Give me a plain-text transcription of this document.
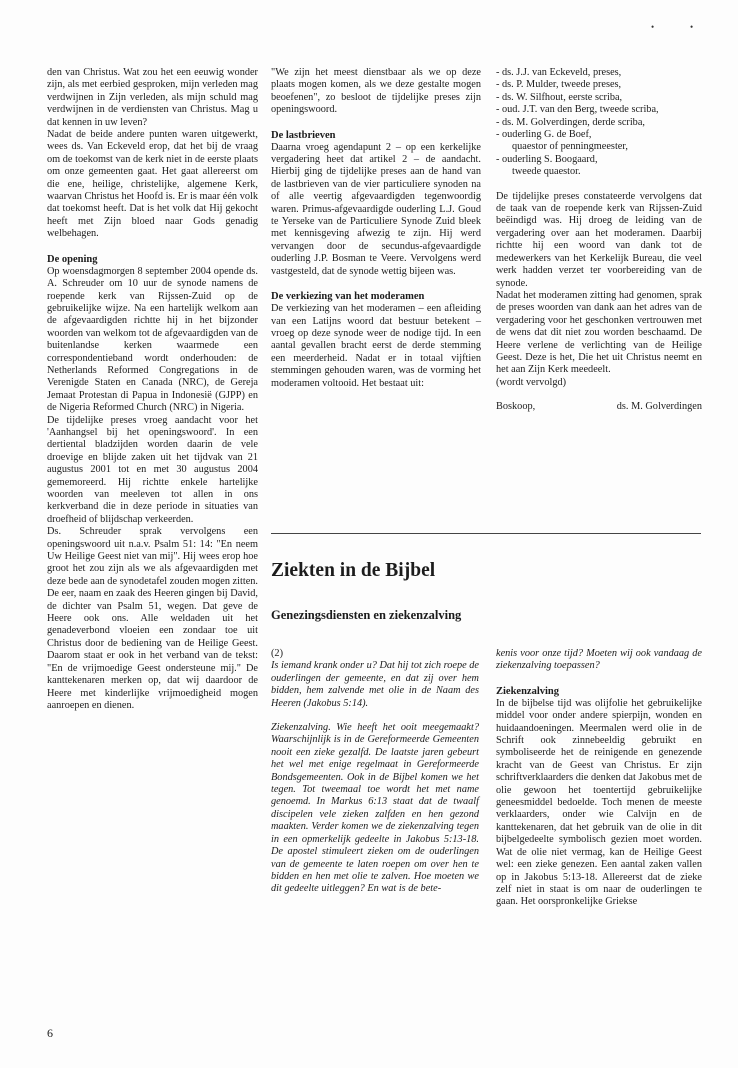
•	•

den van Christus. Wat zou het een eeuwig wonder zijn, als met eerbied gesproken, mijn verleden mag verdwijnen in Zijn verleden, als mijn schuld mag verdwijnen in de verdiensten van Christus. Mag u dat kennen in uw leven?

Nadat de beide andere punten waren uitgewerkt, wees ds. Van Eckeveld erop, dat het bij de vraag om de toekomst van de kerk niet in de eerste plaats om onze gemeenten gaat. Het gaat allereerst om die ene, heilige, christelijke, algemene Kerk, waarvan Christus het Hoofd is. Er is maar één volk dat toekomst heeft. Dat is het volk dat Hij gekocht heeft met Zijn bloed naar Gods genadig welbehagen.

De opening

Op woensdagmorgen 8 september 2004 opende ds. A. Schreuder om 10 uur de synode namens de roepende kerk van Rijssen-Zuid op de gebruikelijke wijze. Na een hartelijk welkom aan de afgevaardigden richtte hij in het bijzonder woorden van welkom tot de afgevaardigden van de buitenlandse kerken waarmede een correspondentieband wordt onderhouden: de Netherlands Reformed Congregations in de Verenigde Staten en Canada (NRC), de Gereja Jemaat Protestan di Papua in Indonesië (GJPP) en de Nigeria Reformed Church (NRC) in Nigeria.

De tijdelijke preses vroeg aandacht voor het 'Aanhangsel bij het openingswoord'. In een dertiental bladzijden worden daarin de vele droevige en blijde zaken uit het tijdvak van 21 augustus 2001 tot en met 30 augustus 2004 gememoreerd. Hij richtte enkele hartelijke woorden van meeleven tot allen in ons kerkverband die in deze periode in situaties van droefheid of blijdschap verkeerden.

Ds. Schreuder sprak vervolgens een openingswoord uit n.a.v. Psalm 51: 14: "En neem Uw Heilige Geest niet van mij". Hij wees erop hoe groot het zou zijn als we als afgevaardigden met deze bede aan de synodetafel zouden mogen zitten. De eer, naam en zaak des Heeren gingen bij David, de dichter van Psalm 51, wegen. Dat geve de Heere ook ons. Alle weldaden uit het genadeverbond vloeien een zondaar toe uit Christus door de bediening van de Heilige Geest. Daarom staat er ook in het verband van de tekst: "En de vrijmoedige Geest ondersteune mij." De kanttekenaren merken op, dat wij daardoor de Heere met kinderlijke vrijmoedigheid mogen aanroepen en dienen.

"We zijn het meest dienstbaar als we op deze plaats mogen komen, als we deze gestalte mogen beoefenen", zo besloot de tijdelijke preses zijn openingswoord.

De lastbrieven

Daarna vroeg agendapunt 2 – op een kerkelijke vergadering heet dat artikel 2 – de aandacht. Hierbij ging de tijdelijke preses aan de hand van de lastbrieven van de vier particuliere synoden na of alle veertig afgevaardigden tegenwoordig waren. Primus-afgevaardigde ouderling L.J. Goud te Yerseke van de Particuliere Synode Zuid bleek met kennisgeving afwezig te zijn. Hij werd vervangen door de secundus-afgevaardigde ouderling J.P. Bosman te Veere. Vervolgens werd vastgesteld, dat de synode wettig bijeen was.

De verkiezing van het moderamen

De verkiezing van het moderamen – een afleiding van een Latijns woord dat bestuur betekent – vroeg op deze synode weer de nodige tijd. In een aantal gevallen bracht eerst de derde stemming een meerderheid. Nadat er in totaal vijftien stemmingen gehouden waren, was de vorming het moderamen voltooid. Het bestaat uit:

- ds. J.J. van Eckeveld, preses,
- ds. P. Mulder, tweede preses,
- ds. W. Silfhout, eerste scriba,
- oud. J.T. van den Berg, tweede scriba,
- ds. M. Golverdingen, derde scriba,
- ouderling G. de Boef,
quaestor of penningmeester,
- ouderling S. Boogaard,
tweede quaestor.

De tijdelijke preses constateerde vervolgens dat de taak van de roepende kerk van Rijssen-Zuid beëindigd was. Hij droeg de leiding van de vergadering over aan het moderamen. Daarbij richtte hij een woord van dank tot de medewerkers van het Kerkelijk Bureau, die veel werk hadden verzet ter voorbereiding van de synode.

Nadat het moderamen zitting had genomen, sprak de preses woorden van dank aan het adres van de vergadering voor het geschonken vertrouwen met de wens dat dit niet zou worden beschaamd. De Heere verlene de verlichting van de Heilige Geest. Deze is het, Die het uit Christus neemt en het aan Zijn Kerk meedeelt.

(wordt vervolgd)

Boskoop,	ds. M. Golverdingen
Ziekten in de Bijbel
Genezingsdiensten en ziekenzalving

(2)

Is iemand krank onder u? Dat hij tot zich roepe de ouderlingen der gemeente, en dat zij over hem bidden, hem zalvende met olie in de Naam des Heeren (Jakobus 5:14).

Ziekenzalving. Wie heeft het ooit meegemaakt? Waarschijnlijk is in de Gereformeerde Gemeenten nooit een zieke gezalfd. De laatste jaren gebeurt het wel met enige regelmaat in Gereformeerde Bondsgemeenten. Ook in de Bijbel komen we het tegen. Tot tweemaal toe wordt het met name genoemd. In Markus 6:13 staat dat de twaalf discipelen vele zieken zalfden en hen gezond maakten. Verder komen we de ziekenzalving tegen in een opmerkelijk gedeelte in Jakobus 5:13-18. De apostel stimuleert zieken om de ouderlingen van de gemeente te laten roepen om over hen te bidden en hen met olie te zalven. Hoe moeten we dit gedeelte uitleggen? En wat is de bete-

kenis voor onze tijd? Moeten wij ook vandaag de ziekenzalving toepassen?

Ziekenzalving

In de bijbelse tijd was olijfolie het gebruikelijke middel voor onder andere spierpijn, wonden en huidaandoeningen. Meermalen werd olie in de Schrift ook zinnebeeldig gebruikt en symboliseerde het de reinigende en genezende kracht van de Geest van Christus. Er zijn schriftverklaarders die denken dat Jakobus met de olie gewoon het toentertijd gebruikelijke geneesmiddel bedoelde. Toch menen de meeste verklaarders, onder wie Calvijn en de kanttekenaren, dat het gebruik van de olie in dit bijbelgedeelte symbolisch gezien moet worden. Wat de olie niet vermag, kan de Heilige Geest wel: een zieke genezen. Een aantal zaken vallen op in Jakobus 5:13-18. Allereerst dat de zieke zelf niet in staat is om naar de ouderlingen te gaan. Het oorspronkelijke Griekse

6
